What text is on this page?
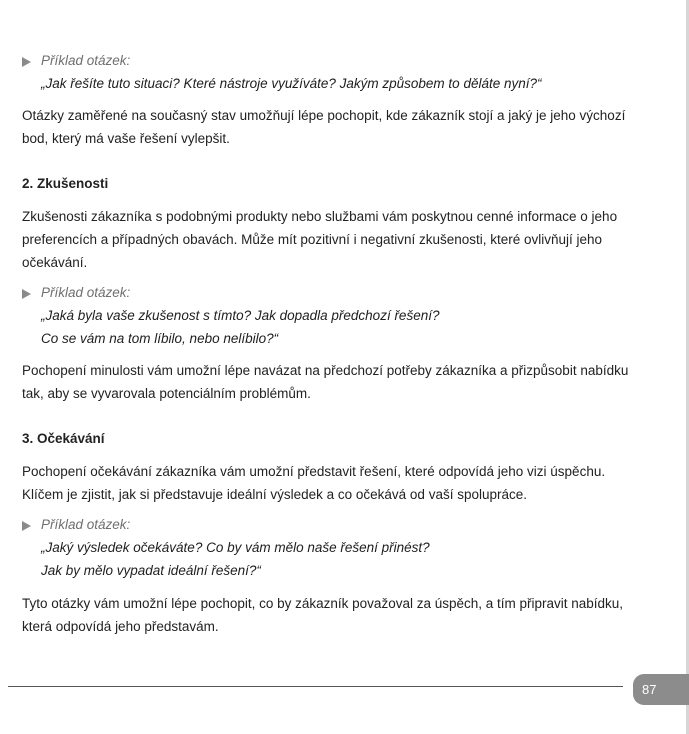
Příklad otázek:
„Jak řešíte tuto situaci? Které nástroje využíváte? Jakým způsobem to děláte nyní?“

Otázky zaměřené na současný stav umožňují lépe pochopit, kde zákazník stojí a jaký je jeho výchozí bod, který má vaše řešení vylepšit.

2. Zkušenosti

Zkušenosti zákazníka s podobnými produkty nebo službami vám poskytnou cenné informace o jeho preferencích a případných obavách. Může mít pozitivní i negativní zkušenosti, které ovlivňují jeho očekávání.

Příklad otázek:
„Jaká byla vaše zkušenost s tímto? Jak dopadla předchozí řešení?
Co se vám na tom líbilo, nebo nelíbilo?“

Pochopení minulosti vám umožní lépe navázat na předchozí potřeby zákazníka a přizpůsobit nabídku tak, aby se vyvarovala potenciálním problémům.

3. Očekávání

Pochopení očekávání zákazníka vám umožní představit řešení, které odpovídá jeho vizi úspěchu. Klíčem je zjistit, jak si představuje ideální výsledek a co očekává od vaší spolupráce.

Příklad otázek:
„Jaký výsledek očekáváte? Co by vám mělo naše řešení přinést?
Jak by mělo vypadat ideální řešení?“

Tyto otázky vám umožní lépe pochopit, co by zákazník považoval za úspěch, a tím připravit nabídku, která odpovídá jeho představám.

87
